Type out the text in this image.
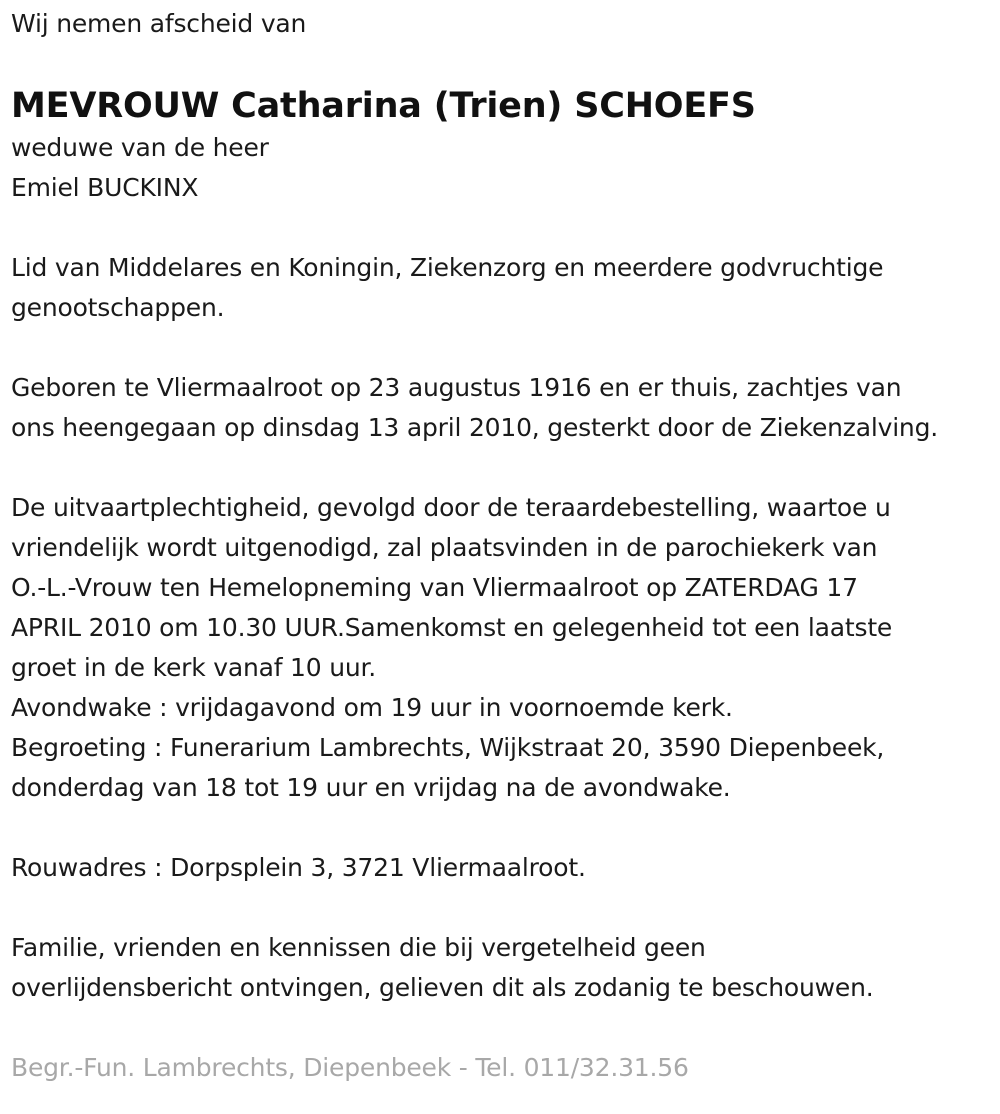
Wij nemen afscheid van
MEVROUW Catharina (Trien) SCHOEFS
weduwe van de heer
Emiel BUCKINX
Lid van Middelares en Koningin, Ziekenzorg en meerdere godvruchtige
genootschappen.
Geboren te Vliermaalroot op 23 augustus 1916 en er thuis, zachtjes van
ons heengegaan op dinsdag 13 april 2010, gesterkt door de Ziekenzalving.
De uitvaartplechtigheid, gevolgd door de teraardebestelling, waartoe u
vriendelijk wordt uitgenodigd, zal plaatsvinden in de parochiekerk van
O.-L.-Vrouw ten Hemelopneming van Vliermaalroot op ZATERDAG 17
APRIL 2010 om 10.30 UUR.Samenkomst en gelegenheid tot een laatste
groet in de kerk vanaf 10 uur.
Avondwake : vrijdagavond om 19 uur in voornoemde kerk.
Begroeting : Funerarium Lambrechts, Wijkstraat 20, 3590 Diepenbeek,
donderdag van 18 tot 19 uur en vrijdag na de avondwake.
Rouwadres : Dorpsplein 3, 3721 Vliermaalroot.
Familie, vrienden en kennissen die bij vergetelheid geen
overlijdensbericht ontvingen, gelieven dit als zodanig te beschouwen.
Begr.-Fun. Lambrechts, Diepenbeek - Tel. 011/32.31.56
